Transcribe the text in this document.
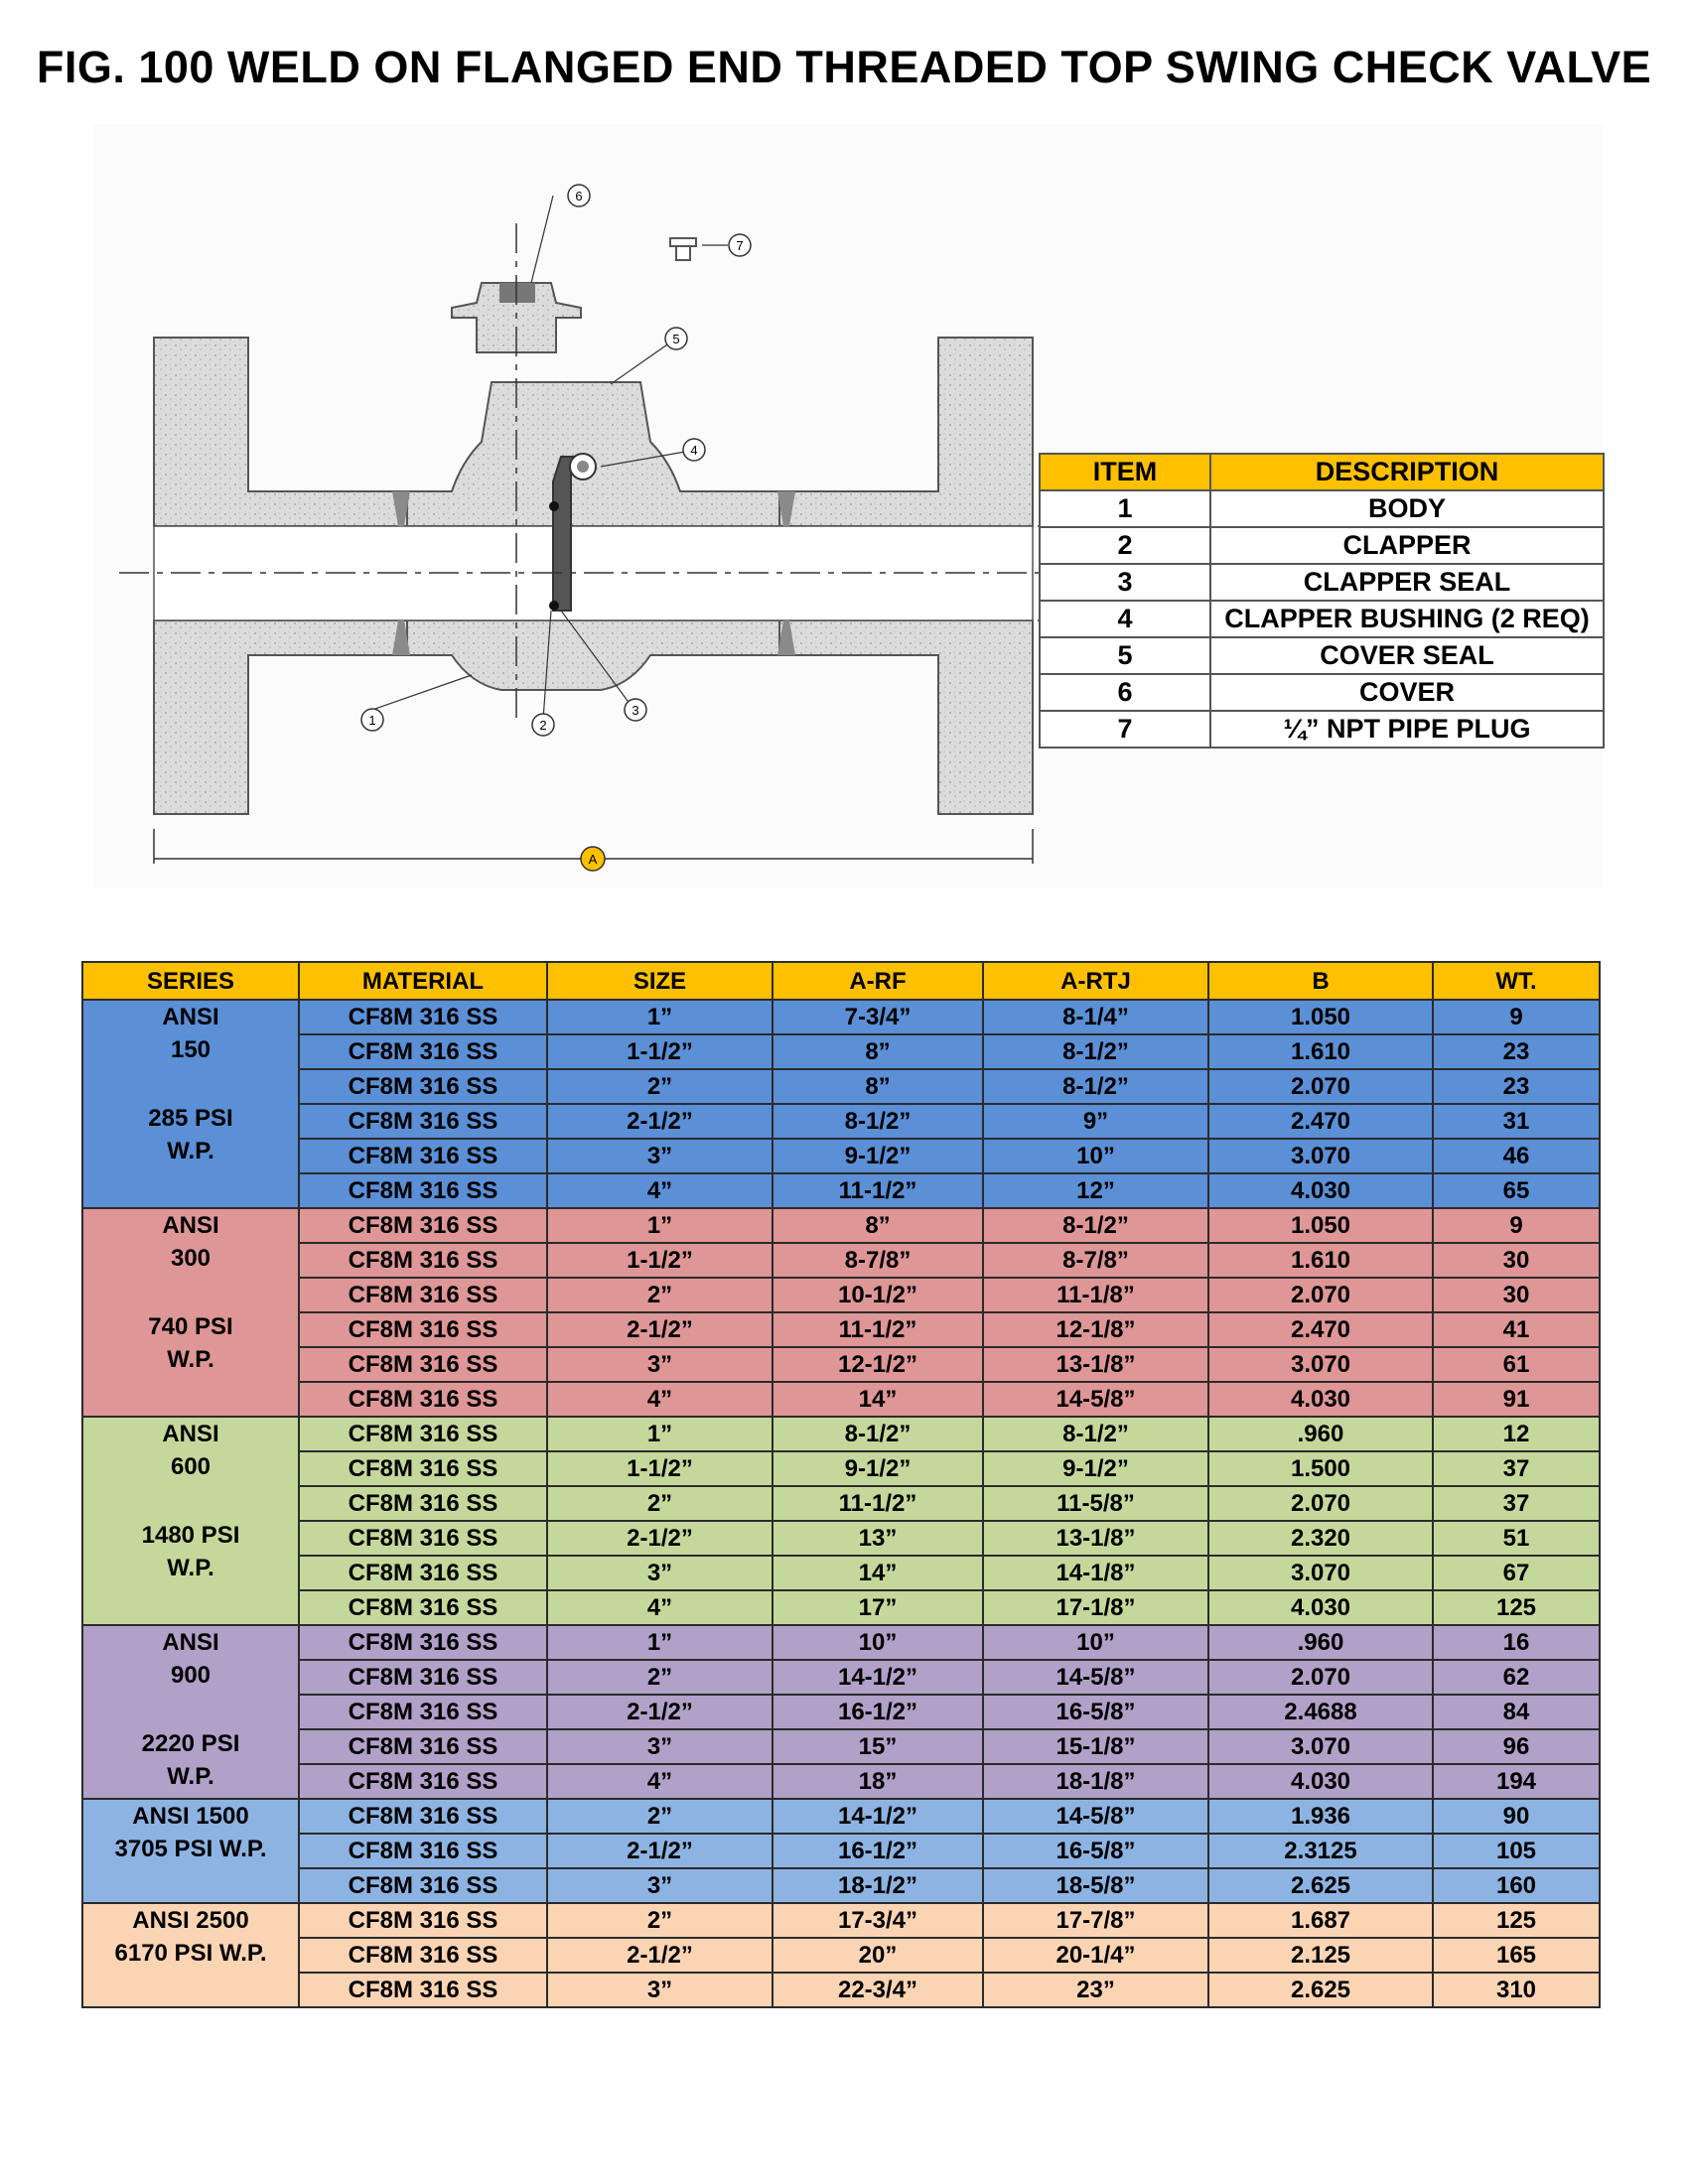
FIG. 100 WELD ON FLANGED END THREADED TOP SWING CHECK VALVE
A
1	2
3
4
5
6
7
ITEM	DESCRIPTION
1	BODY
2	CLAPPER
3	CLAPPER SEAL
4	CLAPPER BUSHING (2 REQ)
5	COVER SEAL
6	COVER
7	¼” NPT PIPE PLUG
SERIES	MATERIAL	SIZE	A-RF	A-RTJ	B	WT.

ANSI
150
285 PSI
W.P.	CF8M 316 SS	1”	7-3/4”	8-1/4”	1.050	9
	CF8M 316 SS	1-1/2”	8”	8-1/2”	1.610	23
	CF8M 316 SS	2”	8”	8-1/2”	2.070	23
	CF8M 316 SS	2-1/2”	8-1/2”	9”	2.470	31
	CF8M 316 SS	3”	9-1/2”	10”	3.070	46
	CF8M 316 SS	4”	11-1/2”	12”	4.030	65

ANSI
300
740 PSI
W.P.	CF8M 316 SS	1”	8”	8-1/2”	1.050	9
	CF8M 316 SS	1-1/2”	8-7/8”	8-7/8”	1.610	30
	CF8M 316 SS	2”	10-1/2”	11-1/8”	2.070	30
	CF8M 316 SS	2-1/2”	11-1/2”	12-1/8”	2.470	41
	CF8M 316 SS	3”	12-1/2”	13-1/8”	3.070	61
	CF8M 316 SS	4”	14”	14-5/8”	4.030	91

ANSI
600
1480 PSI
W.P.	CF8M 316 SS	1”	8-1/2”	8-1/2”	.960	12
	CF8M 316 SS	1-1/2”	9-1/2”	9-1/2”	1.500	37
	CF8M 316 SS	2”	11-1/2”	11-5/8”	2.070	37
	CF8M 316 SS	2-1/2”	13”	13-1/8”	2.320	51
	CF8M 316 SS	3”	14”	14-1/8”	3.070	67
	CF8M 316 SS	4”	17”	17-1/8”	4.030	125

ANSI
900
2220 PSI
W.P.	CF8M 316 SS	1”	10”	10”	.960	16
	CF8M 316 SS	2”	14-1/2”	14-5/8”	2.070	62
	CF8M 316 SS	2-1/2”	16-1/2”	16-5/8”	2.4688	84
	CF8M 316 SS	3”	15”	15-1/8”	3.070	96
	CF8M 316 SS	4”	18”	18-1/8”	4.030	194

ANSI 1500
3705 PSI W.P.	CF8M 316 SS	2”	14-1/2”	14-5/8”	1.936	90
	CF8M 316 SS	2-1/2”	16-1/2”	16-5/8”	2.3125	105
	CF8M 316 SS	3”	18-1/2”	18-5/8”	2.625	160

ANSI 2500
6170 PSI W.P.	CF8M 316 SS	2”	17-3/4”	17-7/8”	1.687	125
	CF8M 316 SS	2-1/2”	20”	20-1/4”	2.125	165
	CF8M 316 SS	3”	22-3/4”	23”	2.625	310
